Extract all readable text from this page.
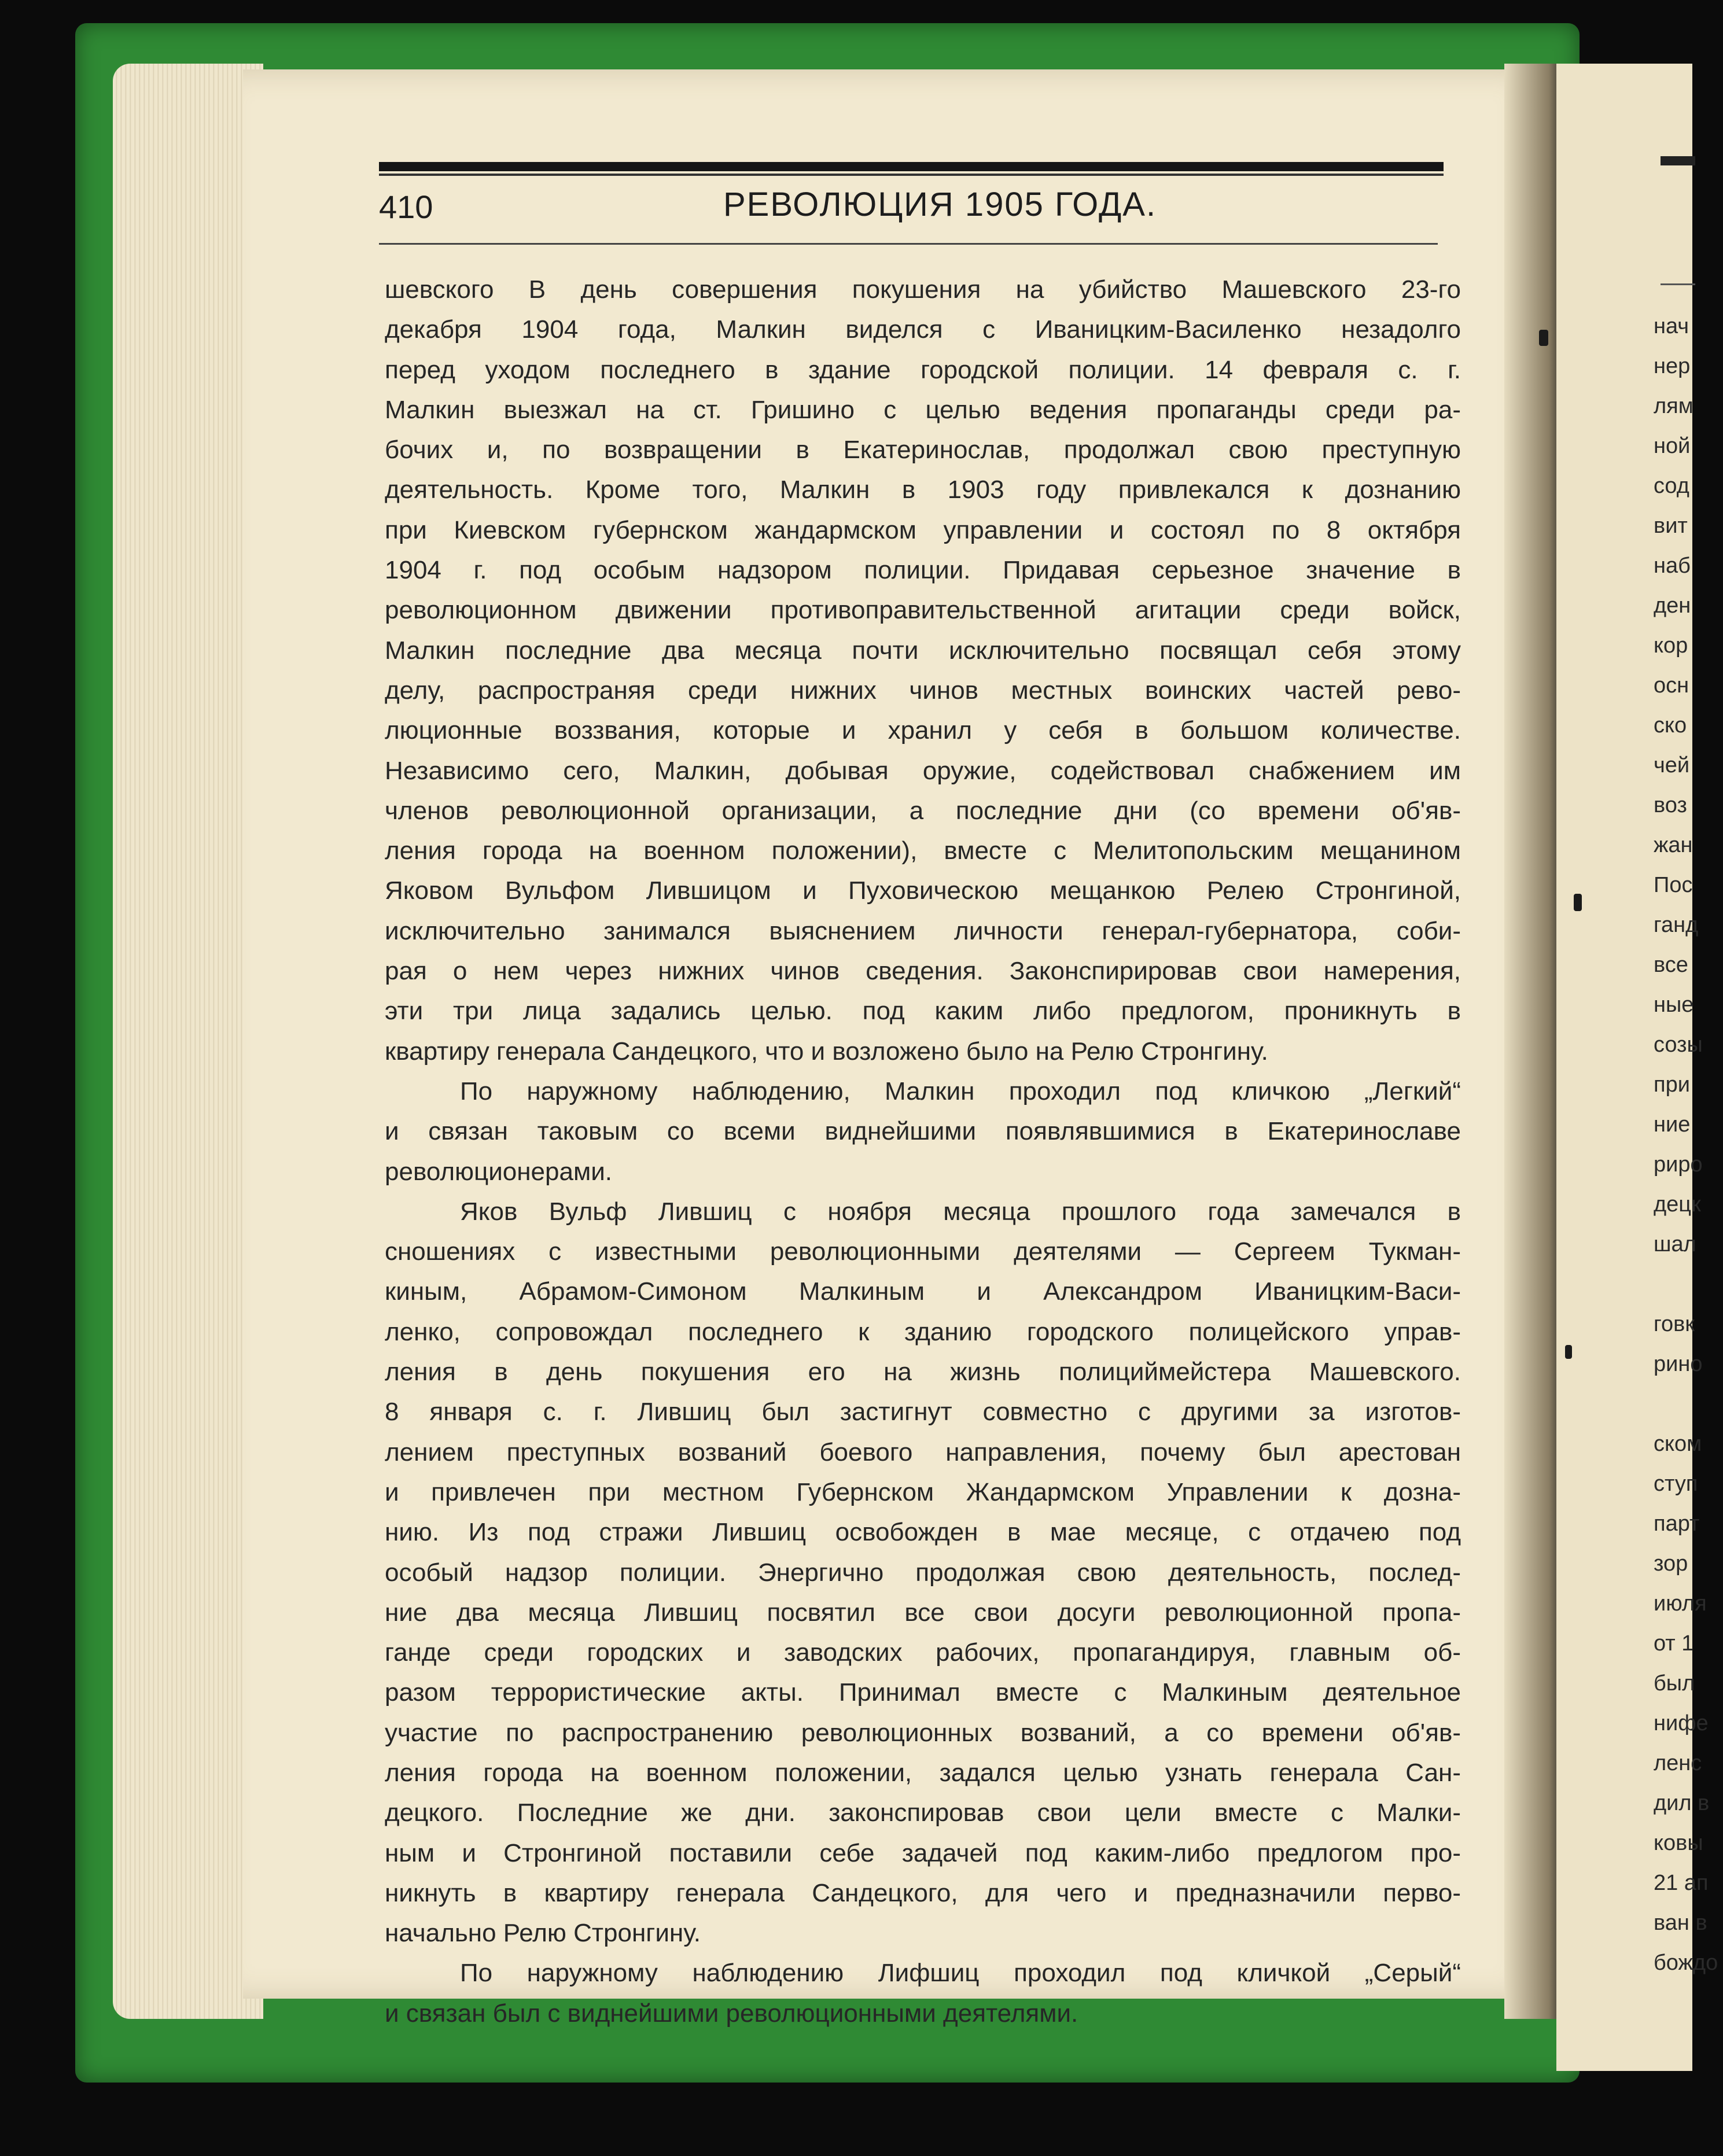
нач
нер
лям
ной
сод
вит
наб
ден
кор
осн
ско
чей
воз
жан
Пос
ганд
все
ные
созы
при
ние
риро
децк
шал
говк
рино
ском
ступ
парт
зор
июля
от 1
был
нифе
ленс
дил в
ковы
21 ап
ван в
бождо
410	РЕВОЛЮЦИЯ 1905 ГОДА.
шевского В день совершения покушения на убийство Машевского 23-го
декабря 1904 года, Малкин виделся с Иваницким-Василенко незадолго
перед уходом последнего в здание городской полиции. 14 февраля с. г.
Малкин выезжал на ст. Гришино с целью ведения пропаганды среди ра-
бочих и, по возвращении в Екатеринослав, продолжал свою преступную
деятельность. Кроме того, Малкин в 1903 году привлекался к дознанию
при Киевском губернском жандармском управлении и состоял по 8 октября
1904 г. под особым надзором полиции. Придавая серьезное значение в
революционном движении противоправительственной агитации среди войск,
Малкин последние два месяца почти исключительно посвящал себя этому
делу, распространяя среди нижних чинов местных воинских частей рево-
люционные воззвания, которые и хранил у себя в большом количестве.
Независимо сего, Малкин, добывая оружие, содействовал снабжением им
членов революционной организации, а последние дни (со времени об'яв-
ления города на военном положении), вместе с Мелитопольским мещанином
Яковом Вульфом Лившицом и Пуховическою мещанкою Релею Стронгиной,
исключительно занимался выяснением личности генерал-губернатора, соби-
рая о нем через нижних чинов сведения. Законспирировав свои намерения,
эти три лица задались целью. под каким либо предлогом, проникнуть в
квартиру генерала Сандецкого, что и возложено было на Релю Стронгину.
По наружному наблюдению, Малкин проходил под кличкою „Легкий“
и связан таковым со всеми виднейшими появлявшимися в Екатеринославе
революционерами.
Яков Вульф Лившиц с ноября месяца прошлого года замечался в
сношениях с известными революционными деятелями — Сергеем Тукман-
киным, Абрамом-Симоном Малкиным и Александром Иваницким-Васи-
ленко, сопровождал последнего к зданию городского полицейского управ-
ления в день покушения его на жизнь полициймейстера Машевского.
8 января с. г. Лившиц был застигнут совместно с другими за изготов-
лением преступных возваний боевого направления, почему был арестован
и привлечен при местном Губернском Жандармском Управлении к дозна-
нию. Из под стражи Лившиц освобожден в мае месяце, с отдачею под
особый надзор полиции. Энергично продолжая свою деятельность, послед-
ние два месяца Лившиц посвятил все свои досуги революционной пропа-
ганде среди городских и заводских рабочих, пропагандируя, главным об-
разом террористические акты. Принимал вместе с Малкиным деятельное
участие по распространению революционных возваний, а со времени об'яв-
ления города на военном положении, задался целью узнать генерала Сан-
децкого. Последние же дни. законспировав свои цели вместе с Малки-
ным и Стронгиной поставили себе задачей под каким-либо предлогом про-
никнуть в квартиру генерала Сандецкого, для чего и предназначили перво-
начально Релю Стронгину.
По наружному наблюдению Лифшиц проходил под кличкой „Серый“
и связан был с виднейшими революционными деятелями.
